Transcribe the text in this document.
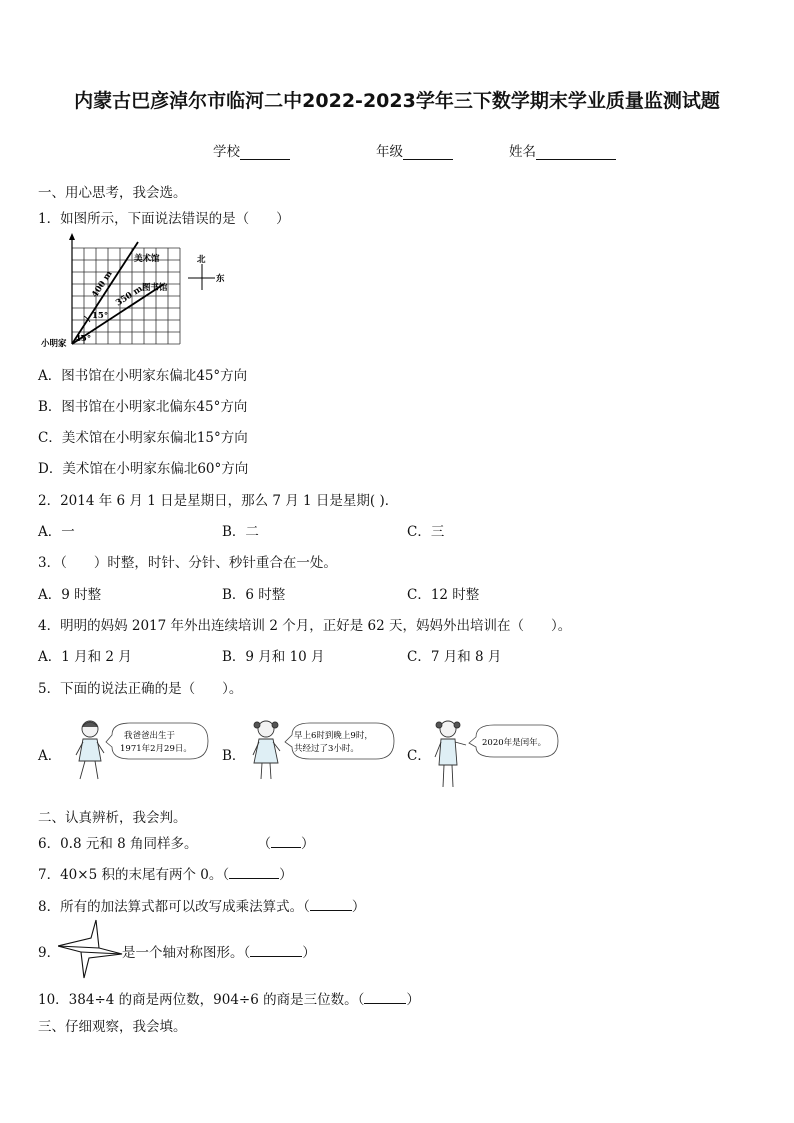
内蒙古巴彦淖尔市临河二中2022-2023学年三下数学期末学业质量监测试题
学校	年级	姓名
一、用心思考，我会选。
1．如图所示，下面说法错误的是（　　）
小明家 45°
15°
400 m 350 m
美术馆
图书馆
北
东
A．图书馆在小明家东偏北45°方向
B．图书馆在小明家北偏东45°方向
C．美术馆在小明家东偏北15°方向
D．美术馆在小明家东偏北60°方向
2．2014 年 6 月 1 日是星期日，那么 7 月 1 日是星期( )．
A．一	B．二	C．三
3．（　　）时整，时针、分针、秒针重合在一处。
A．9 时整	B．6 时整	C．12 时整
4．明明的妈妈 2017 年外出连续培训 2 个月，正好是 62 天，妈妈外出培训在（　　）。
A．1 月和 2 月	B．9 月和 10 月	C．7 月和 8 月
5．下面的说法正确的是（　　）。
A．
我爸爸出生于
1971年2月29日。 B．
早上6时到晚上9时，
共经过了3小时。	C．
2020年是闰年。
二、认真辨析，我会判。
6．0.8 元和 8 角同样多。	（ ）
7．40×5 积的末尾有两个 0。（	）
8．所有的加法算式都可以改写成乘法算式。（	）
9．	是一个轴对称图形。（	）
10．384÷4 的商是两位数，904÷6 的商是三位数。（	）
三、仔细观察，我会填。
